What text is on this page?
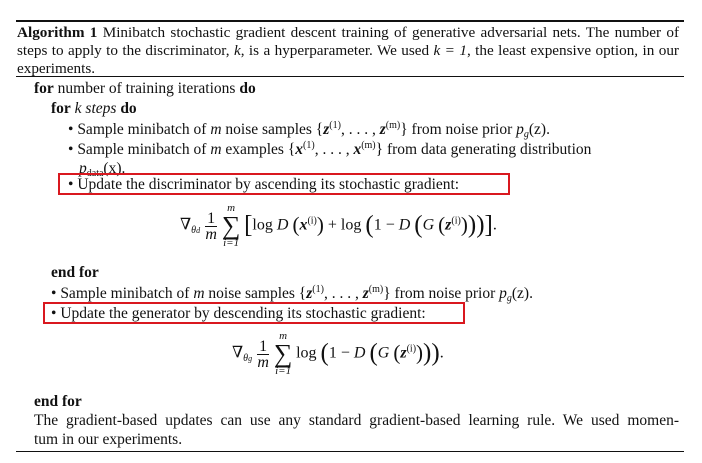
Algorithm 1 Minibatch stochastic gradient descent training of generative adversarial nets. The number of
steps to apply to the discriminator, k, is a hyperparameter. We used k = 1, the least expensive option, in our
experiments.
for number of training iterations do
for k steps do
• Sample minibatch of m noise samples {$z^{(1)}$, . . . , $z^{(m)}$} from noise prior $p_g(z)$.
• Sample minibatch of m examples {$x^{(1)}$, . . . , $x^{(m)}$} from data generating distribution
$p_{data}(x)$.
• Update the discriminator by ascending its stochastic gradient:
$\nabla_{\theta d} \frac{1}{m}$
m
∑
i=1
[log D $(x^{(i)}) + \log (1 - D$ (G $(z^{(i)})$))].
end for
• Sample minibatch of m noise samples {$z^{(1)}$, . . . , $z^{(m)}$} from noise prior $p_g(z)$.
• Update the generator by descending its stochastic gradient:
$\nabla_{\theta g} \frac{1}{m}$
m
∑
i=1
log (1 − D (G $(z^{(i)})$)).
end for
The gradient-based updates can use any standard gradient-based learning rule. We used momen-
tum in our experiments.
